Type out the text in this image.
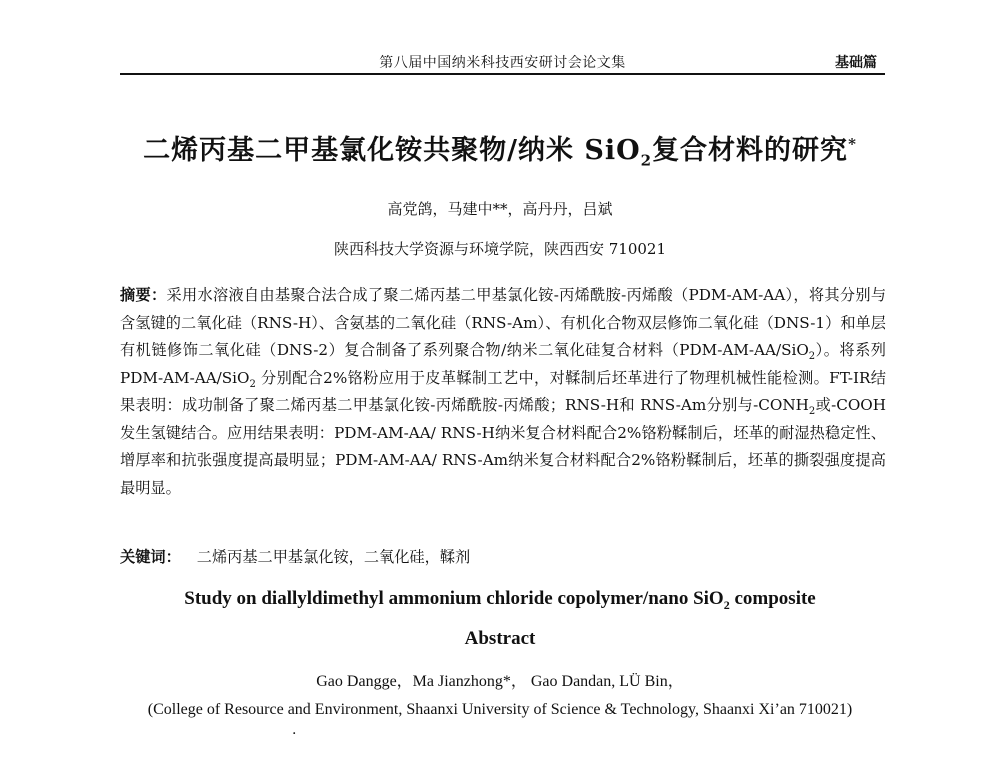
第八届中国纳米科技西安研讨会论文集	基础篇
二烯丙基二甲基氯化铵共聚物/纳米 SiO$_2$复合材料的研究*
高党鸽，马建中**，高丹丹，吕斌
陕西科技大学资源与环境学院，陕西西安 710021
摘要：采用水溶液自由基聚合法合成了聚二烯丙基二甲基氯化铵-丙烯酰胺-丙烯酸（PDM-AM-AA），将其分别与含氢键的二氧化硅（RNS-H）、含氨基的二氧化硅（RNS-Am）、有机化合物双层修饰二氧化硅（DNS-1）和单层有机链修饰二氧化硅（DNS-2）复合制备了系列聚合物/纳米二氧化硅复合材料（PDM-AM-AA/SiO$_2$）。将系列PDM-AM-AA/SiO$_2$ 分别配合2%铬粉应用于皮革鞣制工艺中，对鞣制后坯革进行了物理机械性能检测。FT-IR结果表明：成功制备了聚二烯丙基二甲基氯化铵-丙烯酰胺-丙烯酸；RNS-H和 RNS-Am分别与$-CONH_2$或-COOH发生氢键结合。应用结果表明：PDM-AM-AA/ RNS-H纳米复合材料配合2%铬粉鞣制后，坯革的耐湿热稳定性、增厚率和抗张强度提高最明显；PDM-AM-AA/ RNS-Am纳米复合材料配合2%铬粉鞣制后，坯革的撕裂强度提高最明显。
关键词： 二烯丙基二甲基氯化铵，二氧化硅，鞣剂
Study on diallyldimethyl ammonium chloride copolymer/nano SiO$_2$ composite
Abstract
Gao Dangge，Ma Jianzhong*， Gao Dandan, LÜ Bin，
(College of Resource and Environment, Shaanxi University of Science & Technology, Shaanxi Xi’an 710021)
·
